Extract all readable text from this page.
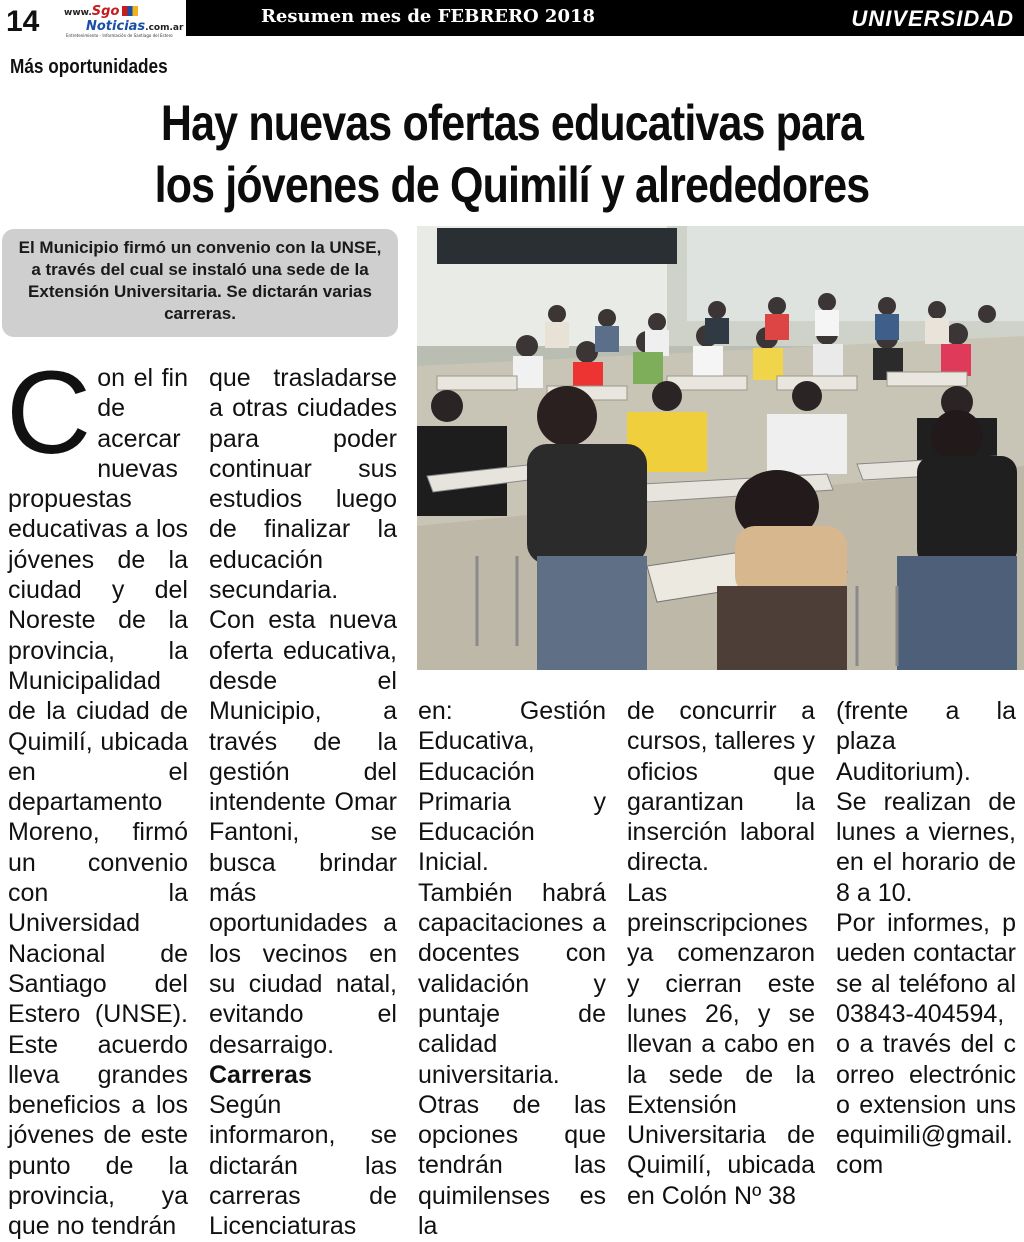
14	www.Sgo
Noticias.com.ar
Entretenimiento - Información de Santiago del Estero
Resumen mes de FEBRERO 2018	UNIVERSIDAD
Más oportunidades
Hay nuevas ofertas educativas para
los jóvenes de Quimilí y alrededores
El Municipio firmó un convenio con la UNSE, a través del cual se instaló una sede de la Extensión Universitaria. Se dictarán varias carreras.

Con el fin de acercar nuevas propuestas educativas a los jóvenes de la ciudad y del Noreste de la provincia, la Municipalidad de la ciudad de Quimilí, ubicada en el departamento Moreno, firmó un convenio con la Universidad Nacional de Santiago del Estero (UNSE). Este acuerdo lleva grandes beneficios a los jóvenes de este punto de la provincia, ya que no tendrán

que trasladarse a otras ciudades para poder continuar sus estudios luego de finalizar la educación secundaria.

Con esta nueva oferta educativa, desde el Municipio, a través de la gestión del intendente Omar Fantoni, se busca brindar más oportunidades a los vecinos en su ciudad natal, evitando el desarraigo.

Carreras

Según informaron, se dictarán las carreras de Licenciaturas

en: Gestión Educativa, Educación Primaria y Educación Inicial.

También habrá capacitaciones a docentes con validación y puntaje de calidad universitaria.

Otras de las opciones que tendrán las quimilenses es la

de concurrir a cursos, talleres y oficios que garantizan la inserción laboral directa.

Las preinscripciones ya comenzaron y cierran este lunes 26, y se llevan a cabo en la sede de la Extensión Universitaria de Quimilí, ubicada en Colón Nº 38

(frente a la plaza Auditorium).

Se realizan de lunes a viernes, en el horario de 8 a 10.

Por informes, pueden contactarse al teléfono al 03843-404594, o a través del correo electrónico extension unsequimili@gmail.com
